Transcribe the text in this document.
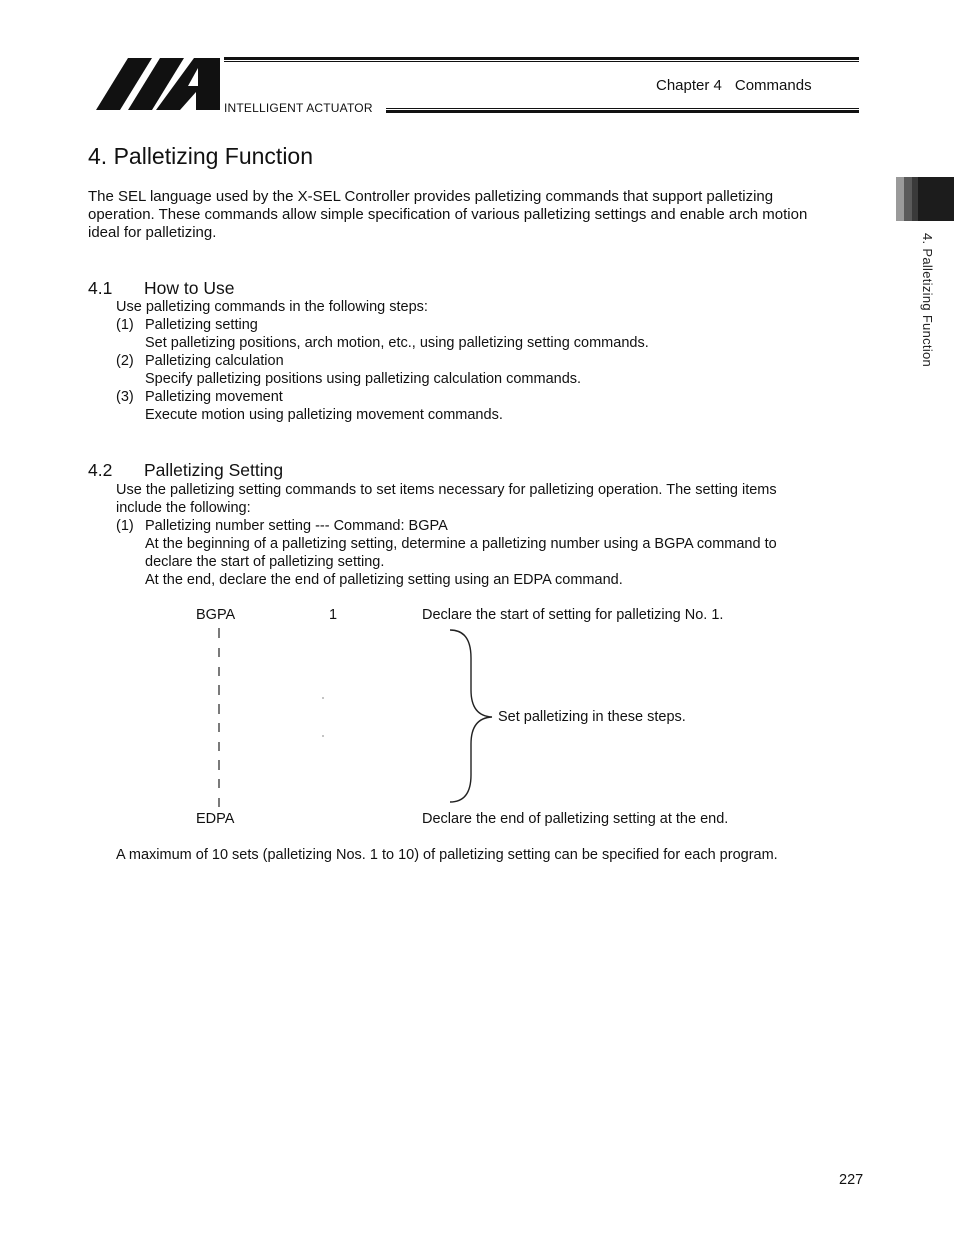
INTELLIGENT ACTUATOR
Chapter 4 Commands
4. Palletizing Function
4. Palletizing Function
The SEL language used by the X-SEL Controller provides palletizing commands that support palletizing
operation. These commands allow simple specification of various palletizing settings and enable arch motion
ideal for palletizing.
4.1 How to Use
Use palletizing commands in the following steps:
(1) Palletizing setting
Set palletizing positions, arch motion, etc., using palletizing setting commands.
(2) Palletizing calculation
Specify palletizing positions using palletizing calculation commands.
(3) Palletizing movement
Execute motion using palletizing movement commands.
4.2 Palletizing Setting
Use the palletizing setting commands to set items necessary for palletizing operation. The setting items
include the following:
(1) Palletizing number setting --- Command: BGPA
At the beginning of a palletizing setting, determine a palletizing number using a BGPA command to
declare the start of palletizing setting.
At the end, declare the end of palletizing setting using an EDPA command.
BGPA	1	Declare the start of setting for palletizing No. 1.
Set palletizing in these steps.
EDPA	Declare the end of palletizing setting at the end.
A maximum of 10 sets (palletizing Nos. 1 to 10) of palletizing setting can be specified for each program.
227
